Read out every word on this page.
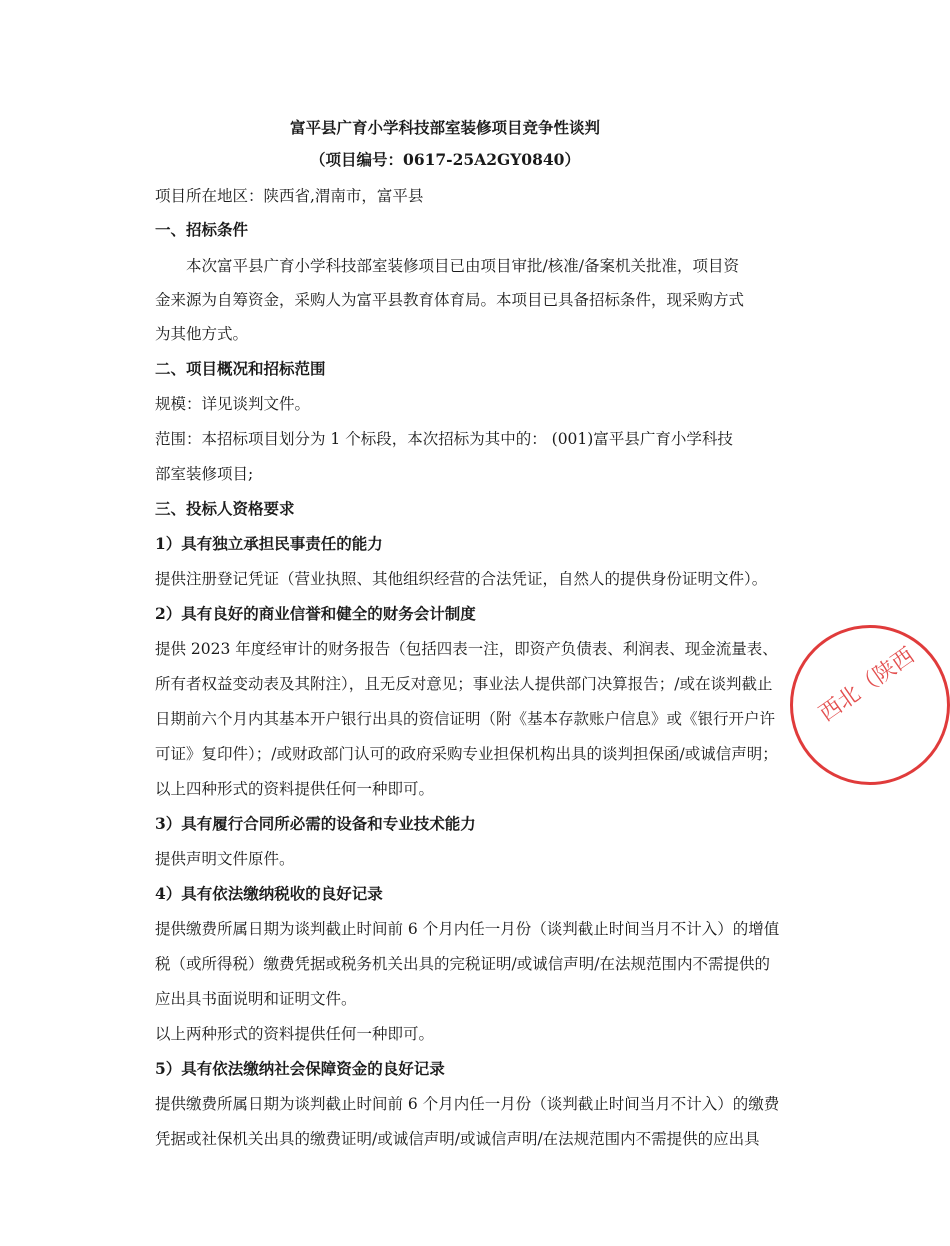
富平县广育小学科技部室装修项目竞争性谈判
（项目编号：0617-25A2GY0840）
项目所在地区：陕西省,渭南市，富平县
一、招标条件
本次富平县广育小学科技部室装修项目已由项目审批/核准/备案机关批准，项目资
金来源为自筹资金，采购人为富平县教育体育局。本项目已具备招标条件，现采购方式
为其他方式。
二、项目概况和招标范围
规模：详见谈判文件。
范围：本招标项目划分为 1 个标段，本次招标为其中的： (001)富平县广育小学科技
部室装修项目;
三、投标人资格要求
1）具有独立承担民事责任的能力
提供注册登记凭证（营业执照、其他组织经营的合法凭证，自然人的提供身份证明文件）。
2）具有良好的商业信誉和健全的财务会计制度
提供 2023 年度经审计的财务报告（包括四表一注，即资产负债表、利润表、现金流量表、
所有者权益变动表及其附注），且无反对意见；事业法人提供部门决算报告；/或在谈判截止
日期前六个月内其基本开户银行出具的资信证明（附《基本存款账户信息》或《银行开户许
可证》复印件）；/或财政部门认可的政府采购专业担保机构出具的谈判担保函/或诚信声明；
以上四种形式的资料提供任何一种即可。
3）具有履行合同所必需的设备和专业技术能力
提供声明文件原件。
4）具有依法缴纳税收的良好记录
提供缴费所属日期为谈判截止时间前 6 个月内任一月份（谈判截止时间当月不计入）的增值
税（或所得税）缴费凭据或税务机关出具的完税证明/或诚信声明/在法规范围内不需提供的
应出具书面说明和证明文件。
以上两种形式的资料提供任何一种即可。
5）具有依法缴纳社会保障资金的良好记录
提供缴费所属日期为谈判截止时间前 6 个月内任一月份（谈判截止时间当月不计入）的缴费
凭据或社保机关出具的缴费证明/或诚信声明/或诚信声明/在法规范围内不需提供的应出具
西北（陕西
